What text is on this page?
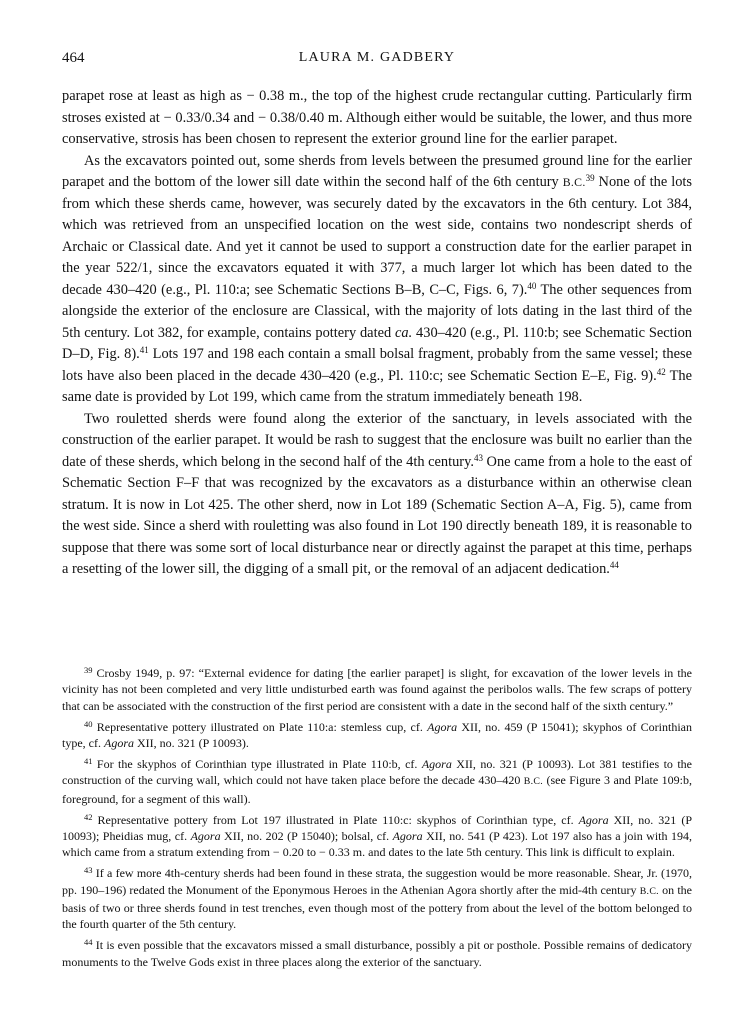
464	LAURA M. GADBERY

parapet rose at least as high as − 0.38 m., the top of the highest crude rectangular cutting. Particularly firm stroses existed at − 0.33/0.34 and − 0.38/0.40 m. Although either would be suitable, the lower, and thus more conservative, strosis has been chosen to represent the exterior ground line for the earlier parapet.

As the excavators pointed out, some sherds from levels between the presumed ground line for the earlier parapet and the bottom of the lower sill date within the second half of the 6th century B.C.$^{39}$ None of the lots from which these sherds came, however, was securely dated by the excavators in the 6th century. Lot 384, which was retrieved from an unspecified location on the west side, contains two nondescript sherds of Archaic or Classical date. And yet it cannot be used to support a construction date for the earlier parapet in the year 522/1, since the excavators equated it with 377, a much larger lot which has been dated to the decade 430–420 (e.g., Pl. 110:a; see Schematic Sections B–B, C–C, Figs. 6, 7).$^{40}$ The other sequences from alongside the exterior of the enclosure are Classical, with the majority of lots dating in the last third of the 5th century. Lot 382, for example, contains pottery dated ca. 430–420 (e.g., Pl. 110:b; see Schematic Section D–D, Fig. 8).$^{41}$ Lots 197 and 198 each contain a small bolsal fragment, probably from the same vessel; these lots have also been placed in the decade 430–420 (e.g., Pl. 110:c; see Schematic Section E–E, Fig. 9).$^{42}$ The same date is provided by Lot 199, which came from the stratum immediately beneath 198.

Two rouletted sherds were found along the exterior of the sanctuary, in levels associated with the construction of the earlier parapet. It would be rash to suggest that the enclosure was built no earlier than the date of these sherds, which belong in the second half of the 4th century.$^{43}$ One came from a hole to the east of Schematic Section F–F that was recognized by the excavators as a disturbance within an otherwise clean stratum. It is now in Lot 425. The other sherd, now in Lot 189 (Schematic Section A–A, Fig. 5), came from the west side. Since a sherd with rouletting was also found in Lot 190 directly beneath 189, it is reasonable to suppose that there was some sort of local disturbance near or directly against the parapet at this time, perhaps a resetting of the lower sill, the digging of a small pit, or the removal of an adjacent dedication.$^{44}$

$^{39}$ Crosby 1949, p. 97: “External evidence for dating [the earlier parapet] is slight, for excavation of the lower levels in the vicinity has not been completed and very little undisturbed earth was found against the peribolos walls. The few scraps of pottery that can be associated with the construction of the first period are consistent with a date in the second half of the sixth century.”

$^{40}$ Representative pottery illustrated on Plate 110:a: stemless cup, cf. Agora XII, no. 459 (P 15041); skyphos of Corinthian type, cf. Agora XII, no. 321 (P 10093).

$^{41}$ For the skyphos of Corinthian type illustrated in Plate 110:b, cf. Agora XII, no. 321 (P 10093). Lot 381 testifies to the construction of the curving wall, which could not have taken place before the decade 430–420 B.C. (see Figure 3 and Plate 109:b, foreground, for a segment of this wall).

$^{42}$ Representative pottery from Lot 197 illustrated in Plate 110:c: skyphos of Corinthian type, cf. Agora XII, no. 321 (P 10093); Pheidias mug, cf. Agora XII, no. 202 (P 15040); bolsal, cf. Agora XII, no. 541 (P 423). Lot 197 also has a join with 194, which came from a stratum extending from − 0.20 to − 0.33 m. and dates to the late 5th century. This link is difficult to explain.

$^{43}$ If a few more 4th-century sherds had been found in these strata, the suggestion would be more reasonable. Shear, Jr. (1970, pp. 190–196) redated the Monument of the Eponymous Heroes in the Athenian Agora shortly after the mid-4th century B.C. on the basis of two or three sherds found in test trenches, even though most of the pottery from about the level of the bottom belonged to the fourth quarter of the 5th century.

$^{44}$ It is even possible that the excavators missed a small disturbance, possibly a pit or posthole. Possible remains of dedicatory monuments to the Twelve Gods exist in three places along the exterior of the sanctuary.
